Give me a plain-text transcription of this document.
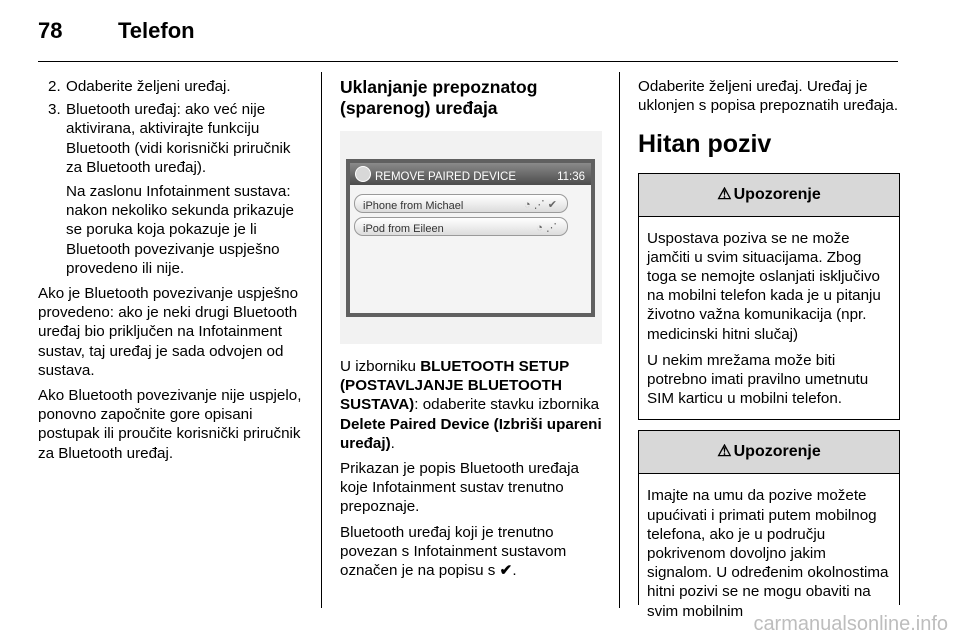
78	Telefon
2. Odaberite željeni uređaj.
3. Bluetooth uređaj: ako već nije aktivirana, aktivirajte funkciju Bluetooth (vidi korisnički priručnik za Bluetooth uređaj).
Na zaslonu Infotainment sustava: nakon nekoliko sekunda prikazuje se poruka koja pokazuje je li Bluetooth povezivanje uspješno provedeno ili nije.

Ako je Bluetooth povezivanje uspješno provedeno: ako je neki drugi Bluetooth uređaj bio priključen na Infotainment sustav, taj uređaj je sada odvojen od sustava.

Ako Bluetooth povezivanje nije uspjelo, ponovno započnite gore opisani postupak ili proučite korisnički priručnik za Bluetooth uređaj.

Uklanjanje prepoznatog (sparenog) uređaja
REMOVE PAIRED DEVICE	11:36
iPhone from Michael	◔ ⋰ ✔
iPod from Eileen	◔ ⋰

U izborniku BLUETOOTH SETUP (POSTAVLJANJE BLUETOOTH SUSTAVA): odaberite stavku izbornika Delete Paired Device (Izbriši upareni uređaj).

Prikazan je popis Bluetooth uređaja koje Infotainment sustav trenutno prepoznaje.

Bluetooth uređaj koji je trenutno povezan s Infotainment sustavom označen je na popisu s ✔.

Odaberite željeni uređaj. Uređaj je uklonjen s popisa prepoznatih uređaja.

Hitan poziv
⚠ Upozorenje

Uspostava poziva se ne može jamčiti u svim situacijama. Zbog toga se nemojte oslanjati isključivo na mobilni telefon kada je u pitanju životno važna komunikacija (npr. medicinski hitni slučaj)

U nekim mrežama može biti potrebno imati pravilno umetnutu SIM karticu u mobilni telefon.

⚠ Upozorenje

Imajte na umu da pozive možete upućivati i primati putem mobilnog telefona, ako je u području pokrivenom dovoljno jakim signalom. U određenim okolnostima hitni pozivi se ne mogu obaviti na svim mobilnim

carmanualsonline.info
